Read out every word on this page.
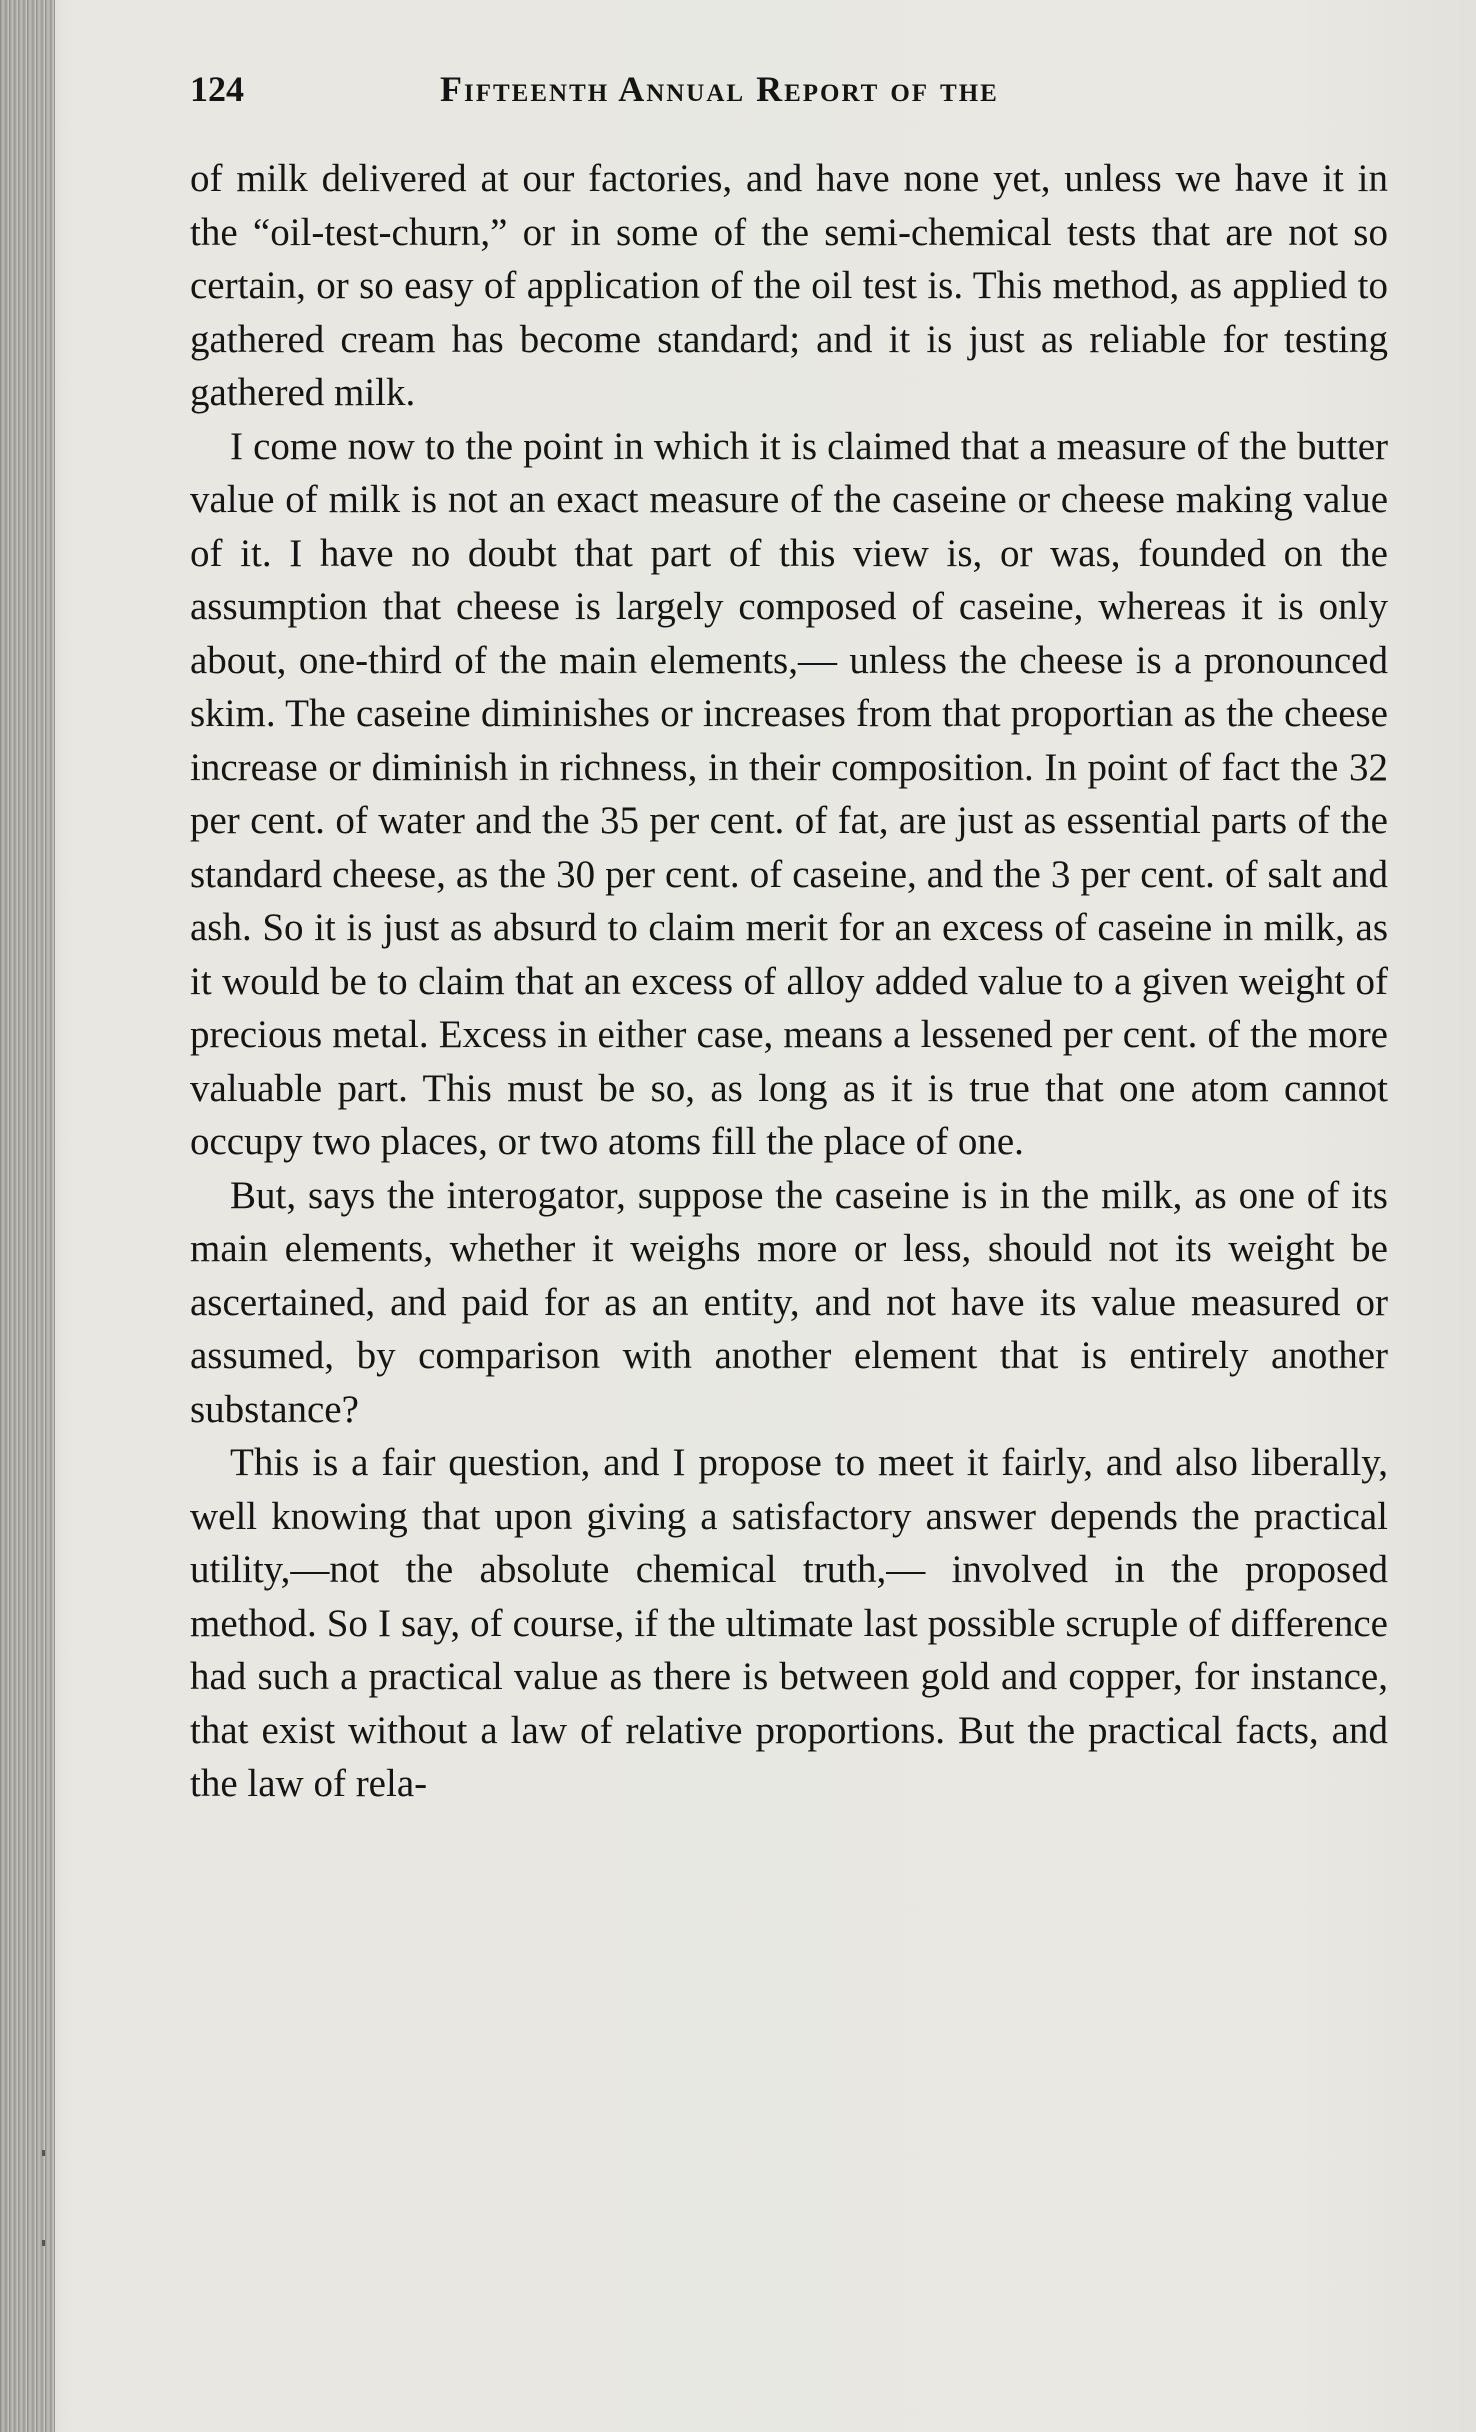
124	Fifteenth Annual Report of the

of milk delivered at our factories, and have none yet, unless we have it in the “oil-test-churn,” or in some of the semi-chemical tests that are not so certain, or so easy of application of the oil test is. This method, as applied to gathered cream has become standard; and it is just as reliable for testing gathered milk.

I come now to the point in which it is claimed that a measure of the butter value of milk is not an exact measure of the caseine or cheese making value of it. I have no doubt that part of this view is, or was, founded on the assumption that cheese is largely composed of caseine, whereas it is only about, one-third of the main elements,— unless the cheese is a pronounced skim. The caseine diminishes or increases from that proportian as the cheese increase or diminish in richness, in their composition. In point of fact the 32 per cent. of water and the 35 per cent. of fat, are just as essential parts of the standard cheese, as the 30 per cent. of caseine, and the 3 per cent. of salt and ash. So it is just as absurd to claim merit for an excess of caseine in milk, as it would be to claim that an excess of alloy added value to a given weight of precious metal. Excess in either case, means a lessened per cent. of the more valuable part. This must be so, as long as it is true that one atom cannot occupy two places, or two atoms fill the place of one.

But, says the interogator, suppose the caseine is in the milk, as one of its main elements, whether it weighs more or less, should not its weight be ascertained, and paid for as an entity, and not have its value measured or assumed, by comparison with another element that is entirely another substance?

This is a fair question, and I propose to meet it fairly, and also liberally, well knowing that upon giving a satisfactory answer depends the practical utility,—not the absolute chemical truth,— involved in the proposed method. So I say, of course, if the ultimate last possible scruple of difference had such a practical value as there is between gold and copper, for instance, that exist without a law of relative proportions. But the practical facts, and the law of rela-
